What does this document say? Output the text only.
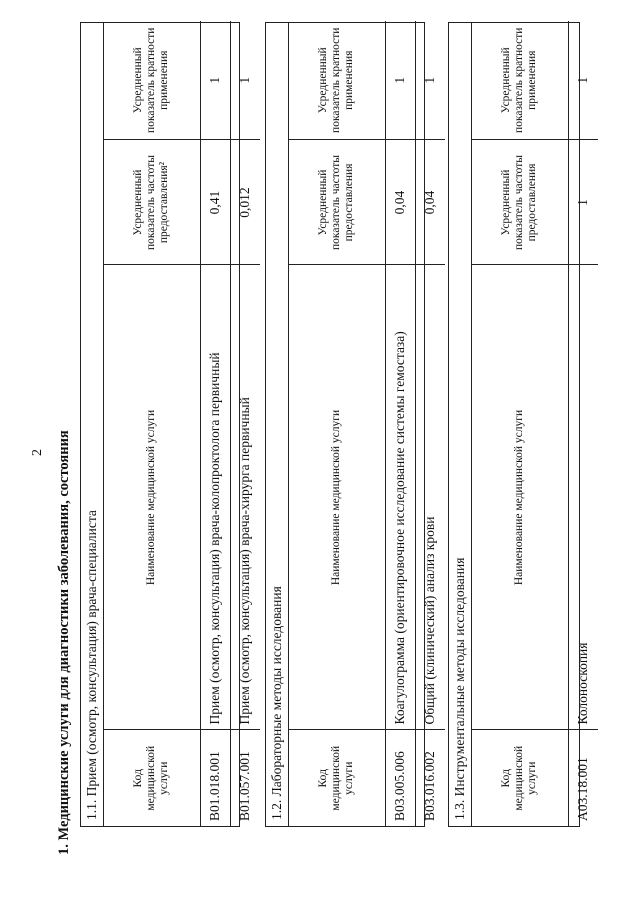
2 1. Медицинские услуги для диагностики заболевания, состояния 1.1. Прием (осмотр, консультация) врача-специалиста	Код медицинской услуги	Наименование медицинской услуги	Усредненный показатель частоты предоставления²	Усредненный показатель кратности применения
B01.018.001	Прием (осмотр, консультация) врача-колопроктолога первичный	0,41	1
B01.057.001	Прием (осмотр, консультация) врача-хирурга первичный	0,012	1
1.2. Лабораторные методы исследования	Код медицинской услуги	Наименование медицинской услуги	Усредненный показатель частоты предоставления	Усредненный показатель кратности применения
B03.005.006	Коагулограмма (ориентировочное исследование системы гемостаза)	0,04	1
B03.016.002	Общий (клинический) анализ крови	0,04	1
1.3. Инструментальные методы исследования	Код медицинской услуги	Наименование медицинской услуги	Усредненный показатель частоты предоставления	Усредненный показатель кратности применения
A03.18.001	Колоноскопия	1	1
